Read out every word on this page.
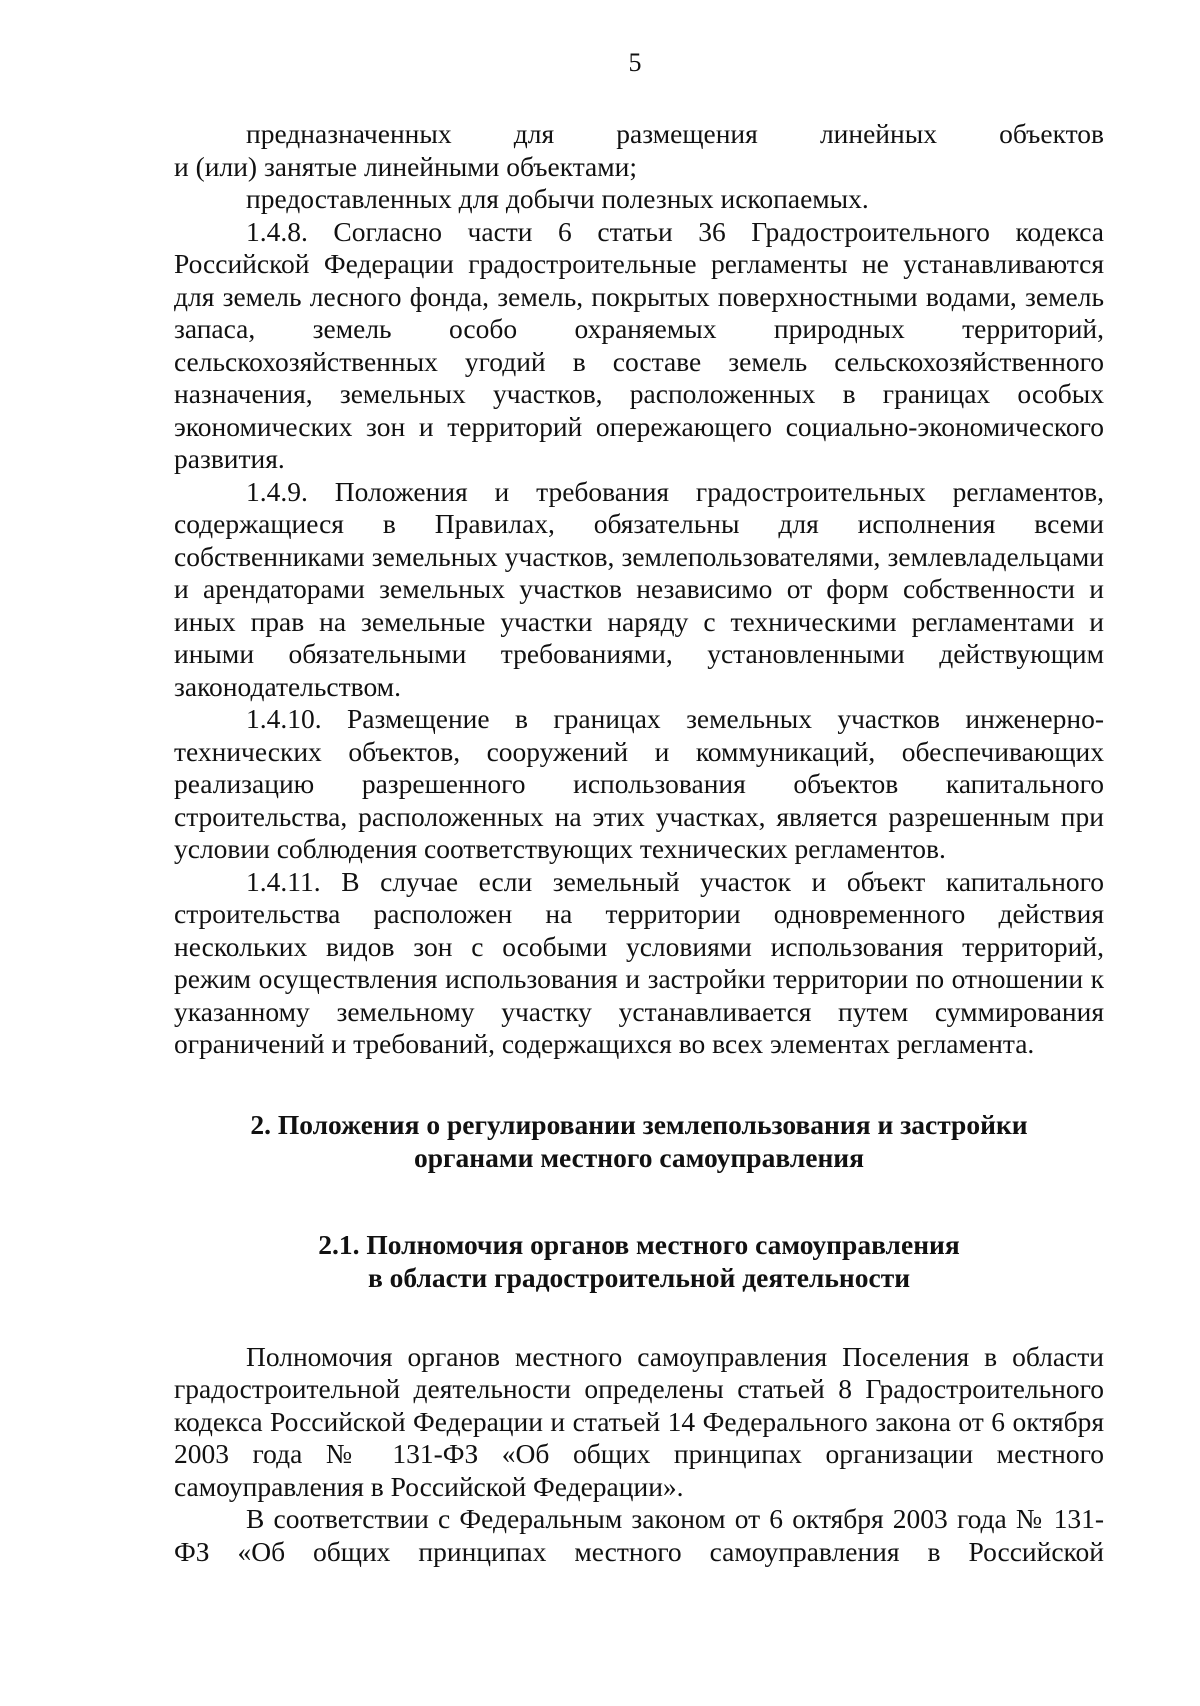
5

предназначенных для размещения линейных объектов

и (или) занятые линейными объектами;

предоставленных для добычи полезных ископаемых.

1.4.8. Согласно части 6 статьи 36 Градостроительного кодекса Российской Федерации градостроительные регламенты не устанавливаются для земель лесного фонда, земель, покрытых поверхностными водами, земель запаса, земель особо охраняемых природных территорий, сельскохозяйственных угодий в составе земель сельскохозяйственного назначения, земельных участков, расположенных в границах особых экономических зон и территорий опережающего социально-экономического развития.

1.4.9. Положения и требования градостроительных регламентов, содержащиеся в Правилах, обязательны для исполнения всеми собственниками земельных участков, землепользователями, землевладельцами и арендаторами земельных участков независимо от форм собственности и иных прав на земельные участки наряду с техническими регламентами и иными обязательными требованиями, установленными действующим законодательством.

1.4.10. Размещение в границах земельных участков инженерно-технических объектов, сооружений и коммуникаций, обеспечивающих реализацию разрешенного использования объектов капитального строительства, расположенных на этих участках, является разрешенным при условии соблюдения соответствующих технических регламентов.

1.4.11. В случае если земельный участок и объект капитального строительства расположен на территории одновременного действия нескольких видов зон с особыми условиями использования территорий, режим осуществления использования и застройки территории по отношении к указанному земельному участку устанавливается путем суммирования ограничений и требований, содержащихся во всех элементах регламента.

2. Положения о регулировании землепользования и застройки
органами местного самоуправления
2.1. Полномочия органов местного самоуправления
в области градостроительной деятельности

Полномочия органов местного самоуправления Поселения в области градостроительной деятельности определены статьей 8 Градостроительного кодекса Российской Федерации и статьей 14 Федерального закона от 6 октября 2003 года № 131-ФЗ «Об общих принципах организации местного самоуправления в Российской Федерации».

В соответствии с Федеральным законом от 6 октября 2003 года № 131-ФЗ «Об общих принципах местного самоуправления в Российской
